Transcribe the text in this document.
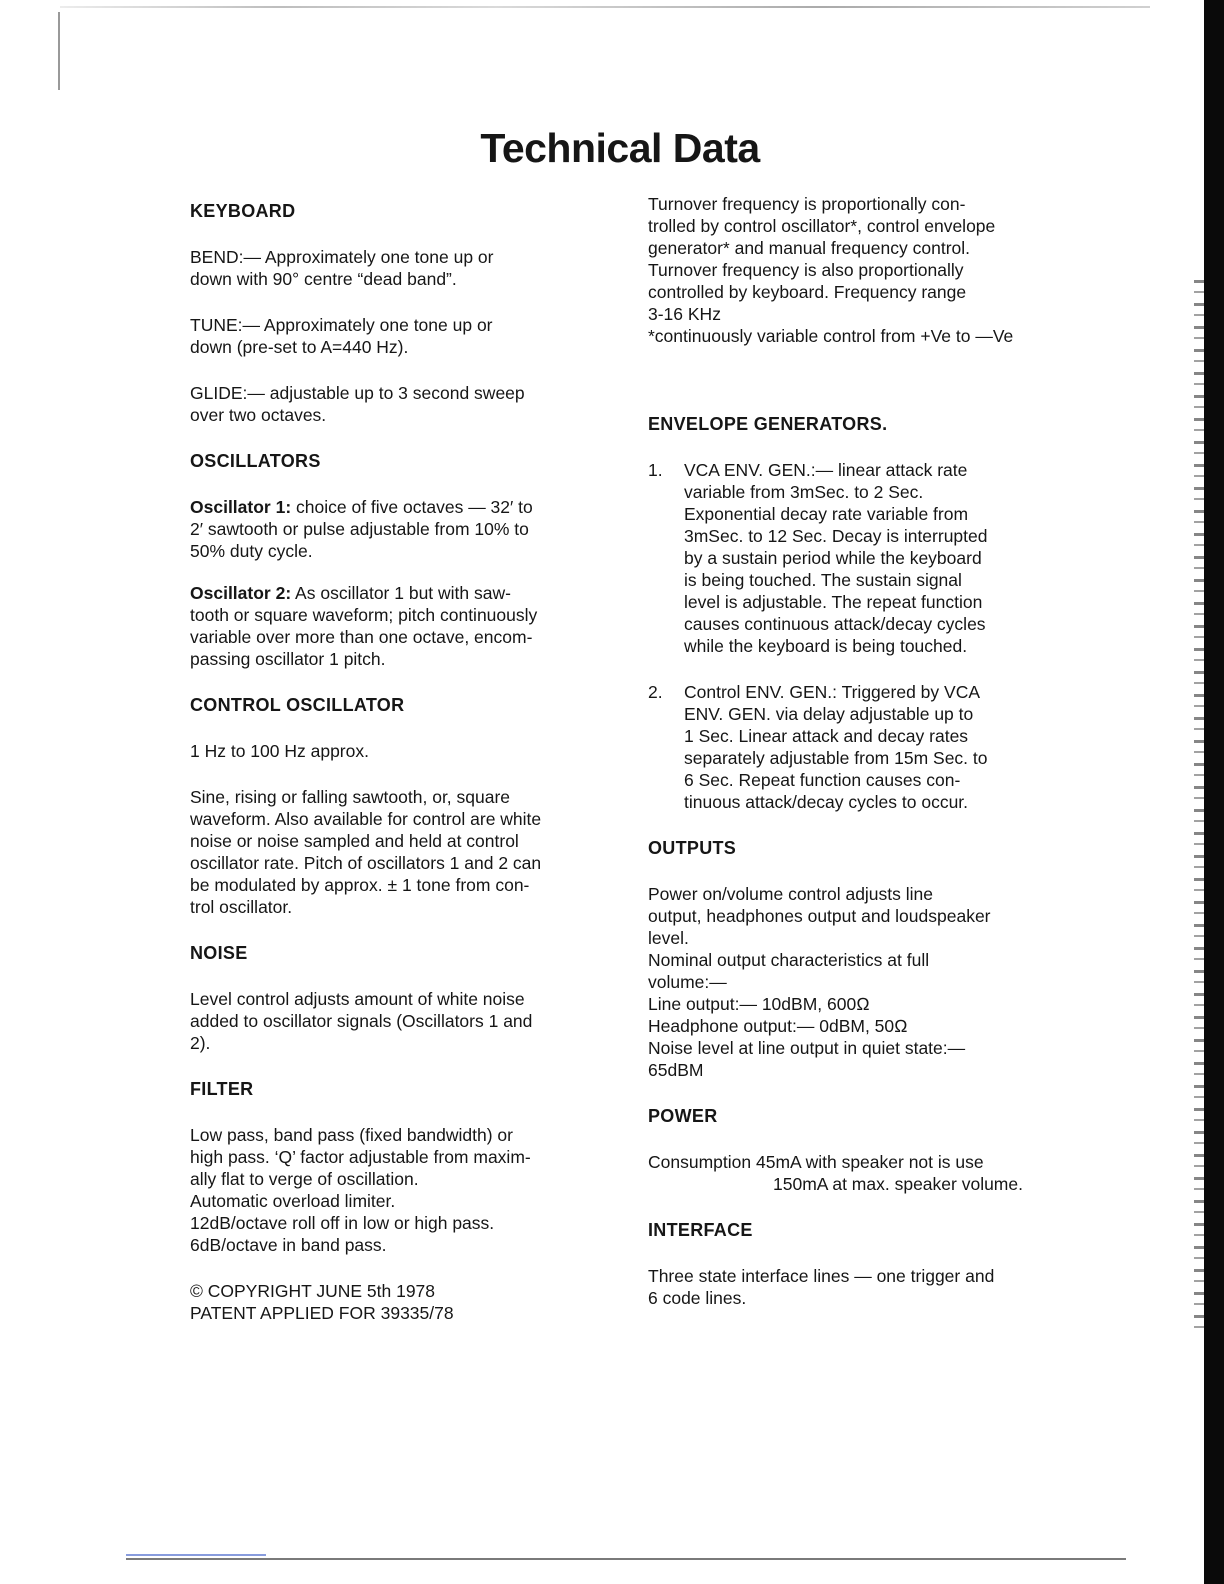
Technical Data
KEYBOARD

BEND:— Approximately one tone up or

down with 90° centre “dead band”.

TUNE:— Approximately one tone up or

down (pre-set to A=440 Hz).

GLIDE:— adjustable up to 3 second sweep

over two octaves.

OSCILLATORS

Oscillator 1: choice of five octaves — 32′ to

2′ sawtooth or pulse adjustable from 10% to

50% duty cycle.

Oscillator 2: As oscillator 1 but with saw-

tooth or square waveform; pitch continuously

variable over more than one octave, encom-

passing oscillator 1 pitch.

CONTROL OSCILLATOR

1 Hz to 100 Hz approx.

Sine, rising or falling sawtooth, or, square

waveform. Also available for control are white

noise or noise sampled and held at control

oscillator rate. Pitch of oscillators 1 and 2 can

be modulated by approx. ± 1 tone from con-

trol oscillator.

NOISE

Level control adjusts amount of white noise

added to oscillator signals (Oscillators 1 and

2).

FILTER

Low pass, band pass (fixed bandwidth) or

high pass. ‘Q’ factor adjustable from maxim-

ally flat to verge of oscillation.

Automatic overload limiter.

12dB/octave roll off in low or high pass.

6dB/octave in band pass.

© COPYRIGHT JUNE 5th 1978

PATENT APPLIED FOR 39335/78

Turnover frequency is proportionally con-

trolled by control oscillator*, control envelope

generator* and manual frequency control.

Turnover frequency is also proportionally

controlled by keyboard. Frequency range

3-16 KHz

*continuously variable control from +Ve to —Ve

ENVELOPE GENERATORS.
1.	VCA ENV. GEN.:— linear attack rate

variable from 3mSec. to 2 Sec.

Exponential decay rate variable from

3mSec. to 12 Sec. Decay is interrupted

by a sustain period while the keyboard

is being touched. The sustain signal

level is adjustable. The repeat function

causes continuous attack/decay cycles

while the keyboard is being touched.

2.	Control ENV. GEN.: Triggered by VCA

ENV. GEN. via delay adjustable up to

1 Sec. Linear attack and decay rates

separately adjustable from 15m Sec. to

6 Sec. Repeat function causes con-

tinuous attack/decay cycles to occur.

OUTPUTS

Power on/volume control adjusts line

output, headphones output and loudspeaker

level.

Nominal output characteristics at full

volume:—

Line output:— 10dBM, 600Ω

Headphone output:— 0dBM, 50Ω

Noise level at line output in quiet state:—

65dBM

POWER

Consumption 45mA with speaker not is use

150mA at max. speaker volume.

INTERFACE

Three state interface lines — one trigger and

6 code lines.
